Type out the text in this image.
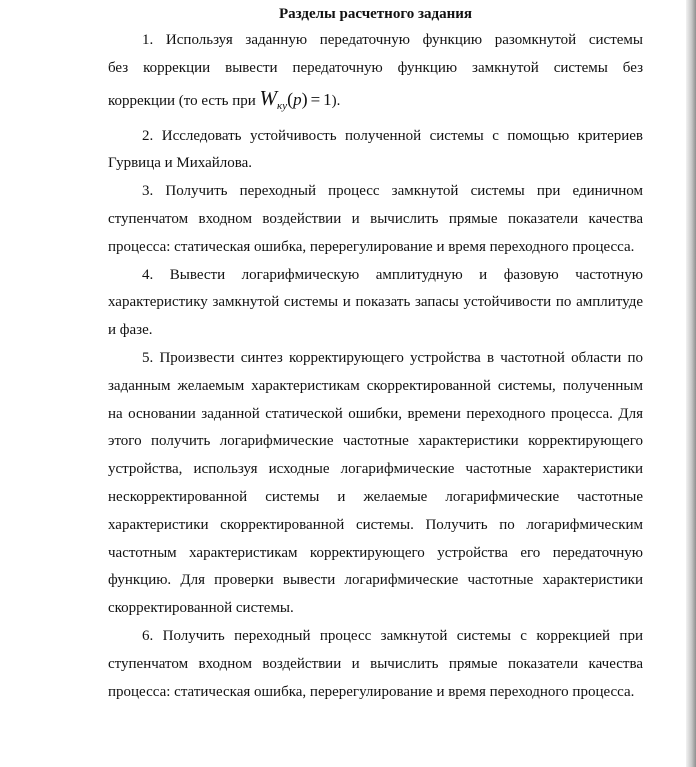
Разделы расчетного задания

1. Используя заданную передаточную функцию разомкнутой системы
без коррекции вывести передаточную функцию замкнутой системы без
коррекции (то есть при $W_{ку}(p) = 1$).

2. Исследовать устойчивость полученной системы с помощью критериев Гурвица и Михайлова.

3. Получить переходный процесс замкнутой системы при единичном ступенчатом входном воздействии и вычислить прямые показатели качества процесса: статическая ошибка, перерегулирование и время переходного процесса.

4. Вывести логарифмическую амплитудную и фазовую частотную характеристику замкнутой системы и показать запасы устойчивости по амплитуде и фазе.

5. Произвести синтез корректирующего устройства в частотной области по заданным желаемым характеристикам скорректированной системы, полученным на основании заданной статической ошибки, времени переходного процесса. Для этого получить логарифмические частотные характеристики корректирующего устройства, используя исходные логарифмические частотные характеристики нескорректированной системы и желаемые логарифмические частотные характеристики скорректированной системы. Получить по логарифмическим частотным характеристикам корректирующего устройства его передаточную функцию. Для проверки вывести логарифмические частотные характеристики скорректированной системы.

6. Получить переходный процесс замкнутой системы с коррекцией при ступенчатом входном воздействии и вычислить прямые показатели качества процесса: статическая ошибка, перерегулирование и время переходного процесса.
